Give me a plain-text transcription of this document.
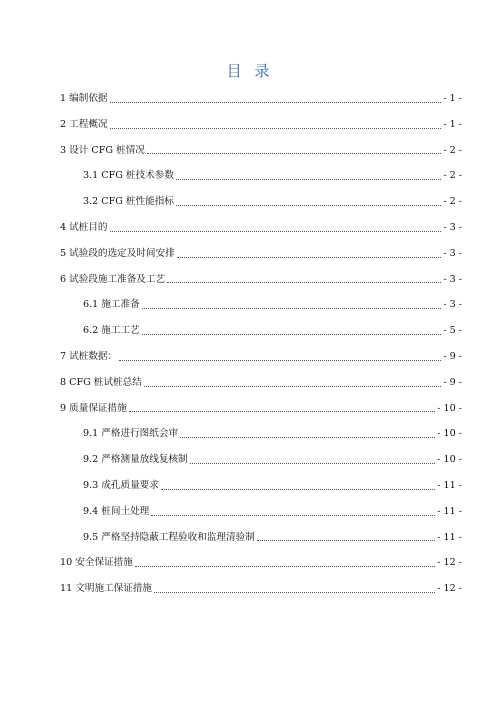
目 录
1 编制依据	- 1 -
2 工程概况	- 1 -
3 设计 CFG 桩情况	- 2 -
3.1 CFG 桩技术参数	- 2 -
3.2 CFG 桩性能指标	- 2 -
4 试桩目的	- 3 -
5 试验段的选定及时间安排	- 3 -
6 试验段施工准备及工艺	- 3 -
6.1 施工准备	- 3 -
6.2 施工工艺	- 5 -
7 试桩数据：	- 9 -
8 CFG 桩试桩总结	- 9 -
9 质量保证措施	- 10 -
9.1 严格进行图纸会审	- 10 -
9.2 严格测量放线复核制	- 10 -
9.3 成孔质量要求	- 11 -
9.4 桩间土处理	- 11 -
9.5 严格坚持隐蔽工程验收和监理清验制	- 11 -
10 安全保证措施	- 12 -
11 文明施工保证措施	- 12 -
